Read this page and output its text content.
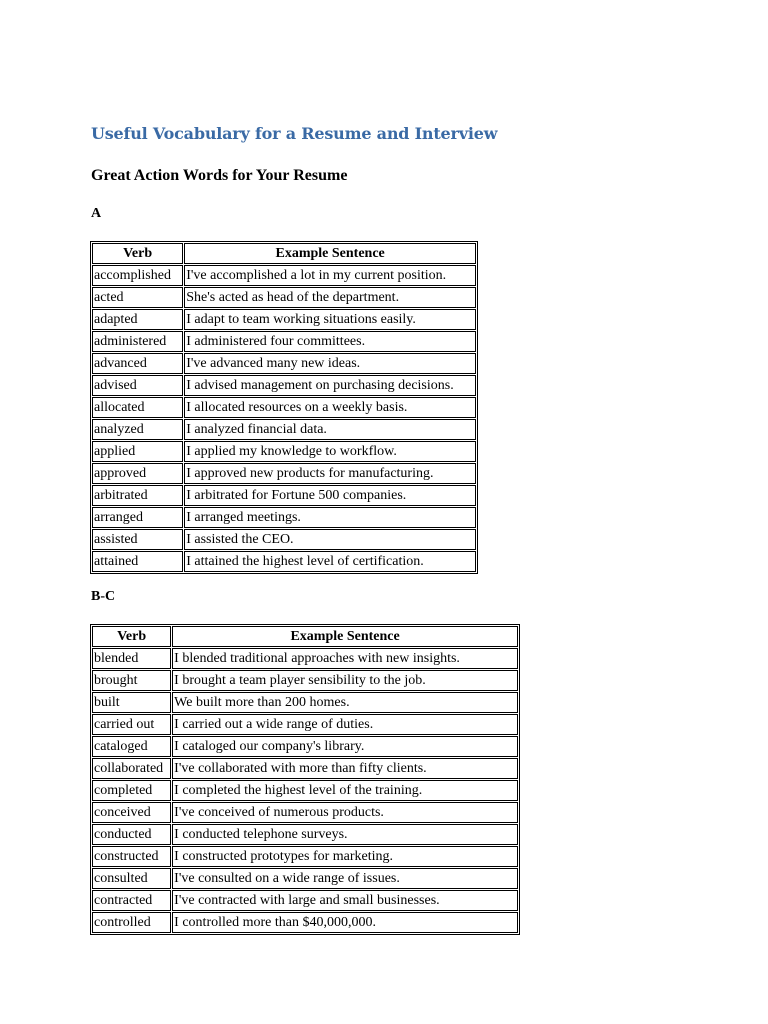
Useful Vocabulary for a Resume and Interview
Great Action Words for Your Resume
A
Verb	Example Sentence
accomplished	I've accomplished a lot in my current position.
acted	She's acted as head of the department.
adapted	I adapt to team working situations easily.
administered	I administered four committees.
advanced	I've advanced many new ideas.
advised	I advised management on purchasing decisions.
allocated	I allocated resources on a weekly basis.
analyzed	I analyzed financial data.
applied	I applied my knowledge to workflow.
approved	I approved new products for manufacturing.
arbitrated	I arbitrated for Fortune 500 companies.
arranged	I arranged meetings.
assisted	I assisted the CEO.
attained	I attained the highest level of certification.
B-C
Verb	Example Sentence
blended	I blended traditional approaches with new insights.
brought	I brought a team player sensibility to the job.
built	We built more than 200 homes.
carried out	I carried out a wide range of duties.
cataloged	I cataloged our company's library.
collaborated	I've collaborated with more than fifty clients.
completed	I completed the highest level of the training.
conceived	I've conceived of numerous products.
conducted	I conducted telephone surveys.
constructed	I constructed prototypes for marketing.
consulted	I've consulted on a wide range of issues.
contracted	I've contracted with large and small businesses.
controlled	I controlled more than $40,000,000.
